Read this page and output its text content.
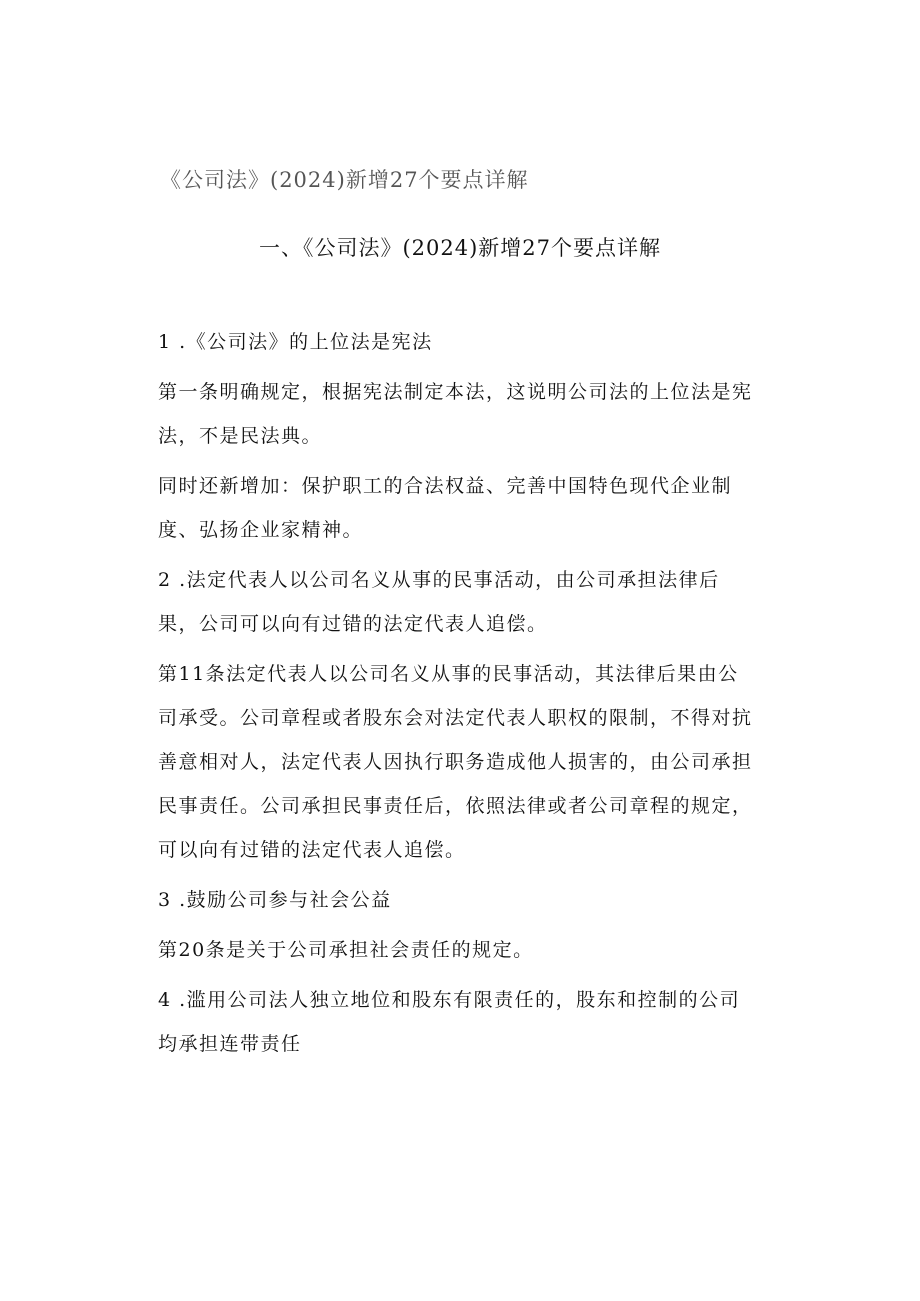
《公司法》(2024)新增27个要点详解
一、《公司法》(2024)新增27个要点详解

1 .《公司法》的上位法是宪法

第一条明确规定，根据宪法制定本法，这说明公司法的上位法是宪法，不是民法典。

同时还新增加：保护职工的合法权益、完善中国特色现代企业制度、弘扬企业家精神。

2 .法定代表人以公司名义从事的民事活动，由公司承担法律后果，公司可以向有过错的法定代表人追偿。

第11条法定代表人以公司名义从事的民事活动，其法律后果由公司承受。公司章程或者股东会对法定代表人职权的限制，不得对抗善意相对人，法定代表人因执行职务造成他人损害的，由公司承担民事责任。公司承担民事责任后，依照法律或者公司章程的规定，可以向有过错的法定代表人追偿。

3 .鼓励公司参与社会公益

第20条是关于公司承担社会责任的规定。

4 .滥用公司法人独立地位和股东有限责任的，股东和控制的公司均承担连带责任
